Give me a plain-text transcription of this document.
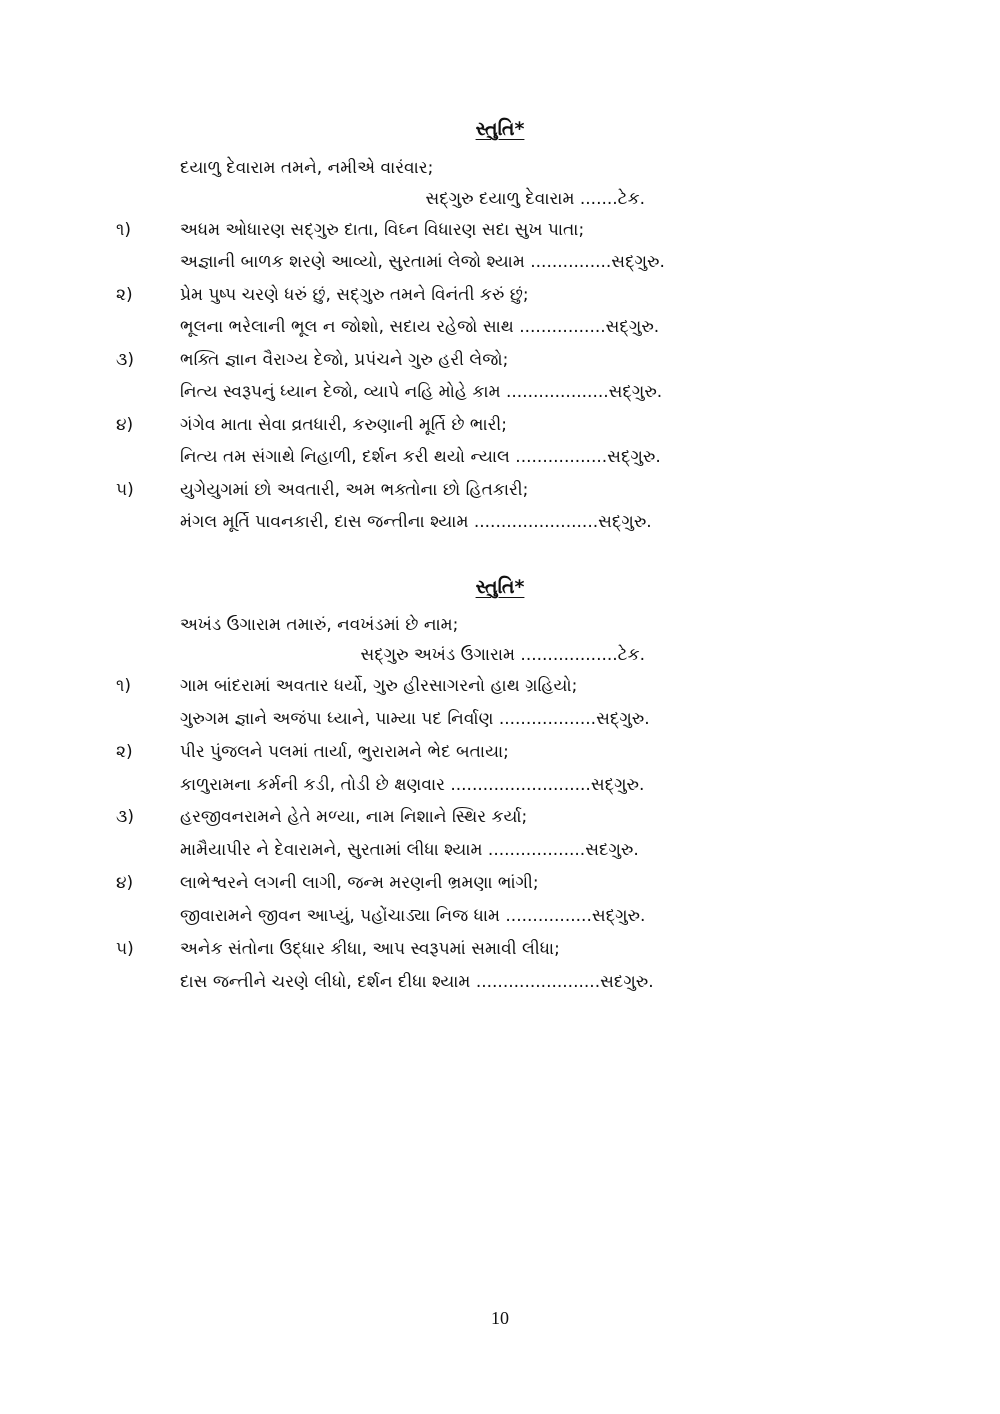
સ્તુતિ*
દયાળુ દેવારામ તમને, નમીએ વારંવાર;
સદ્‌ગુરુ દયાળુ દેવારામ .......ટેક.
૧)	અધમ ઓધારણ સદ્‌ગુરુ દાતા, વિઘ્ન વિધારણ સદા સુખ પાતા;
અજ્ઞાની બાળક શરણે આવ્યો, સુરતામાં લેજો શ્યામ ...............સદ્‌ગુરુ.
૨)	પ્રેમ પુષ્પ ચરણે ધરું છું, સદ્‌ગુરુ તમને વિનંતી કરું છું;
ભૂલના ભરેલાની ભૂલ ન જોશો, સદાય રહેજો સાથ ................સદ્‌ગુરુ.
૩)	ભક્તિ જ્ઞાન વૈરાગ્ય દેજો, પ્રપંચને ગુરુ હરી લેજો;
નિત્ય સ્વરૂપનું ધ્યાન દેજો, વ્યાપે નહિ મોહે કામ ...................સદ્‌ગુરુ.
૪)	ગંગેવ માતા સેવા વ્રતધારી, કરુણાની મૂર્તિ છે ભારી;
નિત્ય તમ સંગાથે નિહાળી, દર્શન કરી થયો ન્યાલ .................સદ્‌ગુરુ.
૫)	યુગેયુગમાં છો અવતારી, અમ ભક્તોના છો હિતકારી;
મંગલ મૂર્તિ પાવનકારી, દાસ જન્તીના શ્યામ .......................સદ્‌ગુરુ.
સ્તુતિ*
અખંડ ઉગારામ તમારું, નવખંડમાં છે નામ;
સદ્‌ગુરુ અખંડ ઉગારામ ..................ટેક.
૧)	ગામ બાંદરામાં અવતાર ધર્યો, ગુરુ હીરસાગરનો હાથ ગ્રહિયો;
ગુરુગમ જ્ઞાને અજંપા ધ્યાને, પામ્યા પદ નિર્વાણ ..................સદ્‌ગુરુ.
૨)	પીર પુંજલને પલમાં તાર્યા, ભુરારામને ભેદ બતાયા;
કાળુરામના કર્મની કડી, તોડી છે ક્ષણવાર ..........................સદ્‌ગુરુ.
૩)	હરજીવનરામને હેતે મળ્યા, નામ નિશાને સ્થિર કર્યા;
મામૈયાપીર ને દેવારામને, સુરતામાં લીધા શ્યામ ..................સદગુરુ.
૪)	લાભેશ્વરને લગની લાગી, જન્મ મરણની ભ્રમણા ભાંગી;
જીવારામને જીવન આપ્યું, પહોંચાડ્યા નિજ ધામ ................સદ્‌ગુરુ.
૫)	અનેક સંતોના ઉદ્ધાર કીધા, આપ સ્વરૂપમાં સમાવી લીધા;
દાસ જન્તીને ચરણે લીધો, દર્શન દીધા શ્યામ .......................સદગુરુ.
10
